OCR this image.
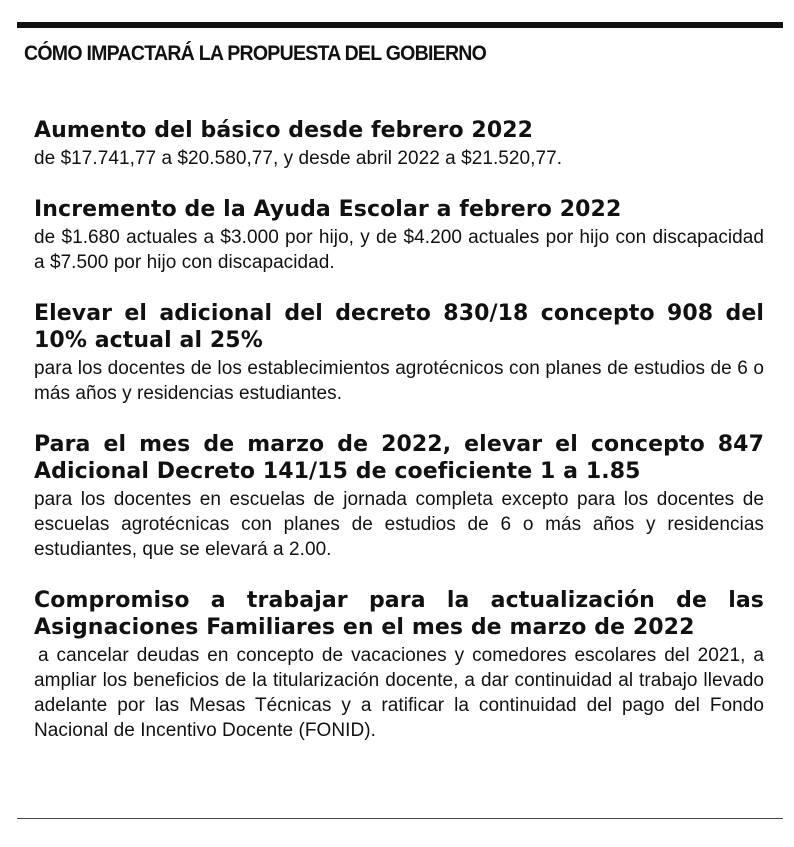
CÓMO IMPACTARÁ LA PROPUESTA DEL GOBIERNO
Aumento del básico desde febrero 2022

de $17.741,77 a $20.580,77, y desde abril 2022 a $21.520,77.

Incremento de la Ayuda Escolar a febrero 2022

de $1.680 actuales a $3.000 por hijo, y de $4.200 actuales por hijo con discapacidad a $7.500 por hijo con discapacidad.

Elevar el adicional del decreto 830/18 concepto 908 del 10% actual al 25%

para los docentes de los establecimientos agrotécnicos con planes de estudios de 6 o más años y residencias estudiantes.

Para el mes de marzo de 2022, elevar el concepto 847 Adicional Decreto 141/15 de coeficiente 1 a 1.85

para los docentes en escuelas de jornada completa excepto para los docentes de escuelas agrotécnicas con planes de estudios de 6 o más años y residencias estudiantes, que se elevará a 2.00.

Compromiso a trabajar para la actualización de las Asignaciones Familiares en el mes de marzo de 2022

a cancelar deudas en concepto de vacaciones y comedores escolares del 2021, a ampliar los beneficios de la titularización docente, a dar continuidad al trabajo llevado adelante por las Mesas Técnicas y a ratificar la continuidad del pago del Fondo Nacional de Incentivo Docente (FONID).
